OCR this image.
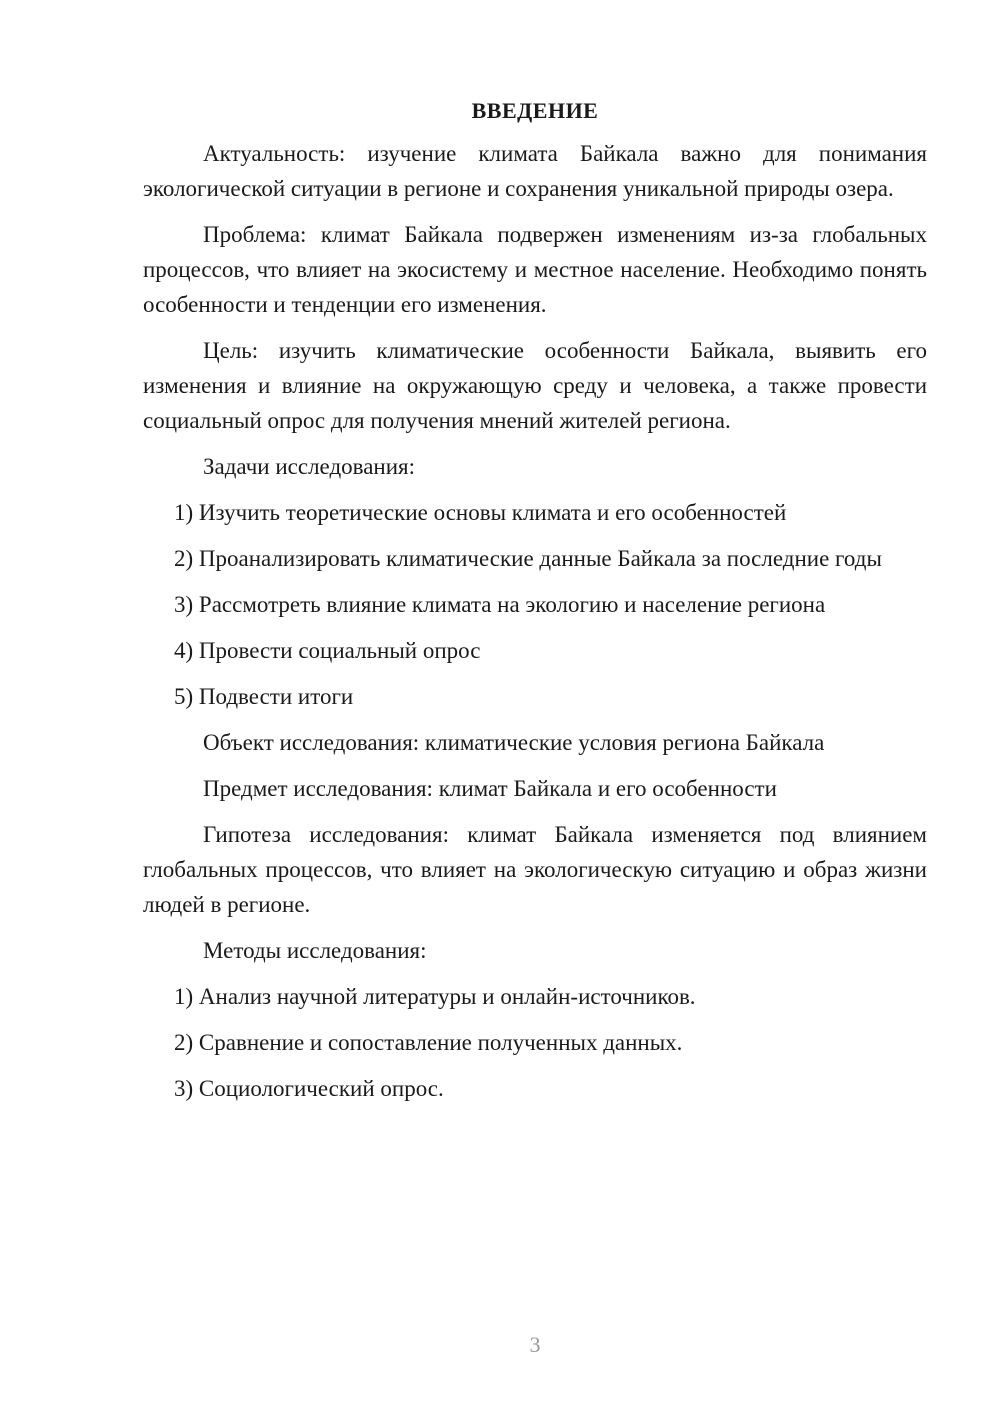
ВВЕДЕНИЕ

Актуальность: изучение климата Байкала важно для понимания экологической ситуации в регионе и сохранения уникальной природы озера.

Проблема: климат Байкала подвержен изменениям из-за глобальных процессов, что влияет на экосистему и местное население. Необходимо понять особенности и тенденции его изменения.

Цель: изучить климатические особенности Байкала, выявить его изменения и влияние на окружающую среду и человека, а также провести социальный опрос для получения мнений жителей региона.

Задачи исследования:

1) Изучить теоретические основы климата и его особенностей

2) Проанализировать климатические данные Байкала за последние годы

3) Рассмотреть влияние климата на экологию и население региона

4) Провести социальный опрос

5) Подвести итоги

Объект исследования: климатические условия региона Байкала

Предмет исследования: климат Байкала и его особенности

Гипотеза исследования: климат Байкала изменяется под влиянием глобальных процессов, что влияет на экологическую ситуацию и образ жизни людей в регионе.

Методы исследования:

1) Анализ научной литературы и онлайн-источников.

2) Сравнение и сопоставление полученных данных.

3) Социологический опрос.

3
